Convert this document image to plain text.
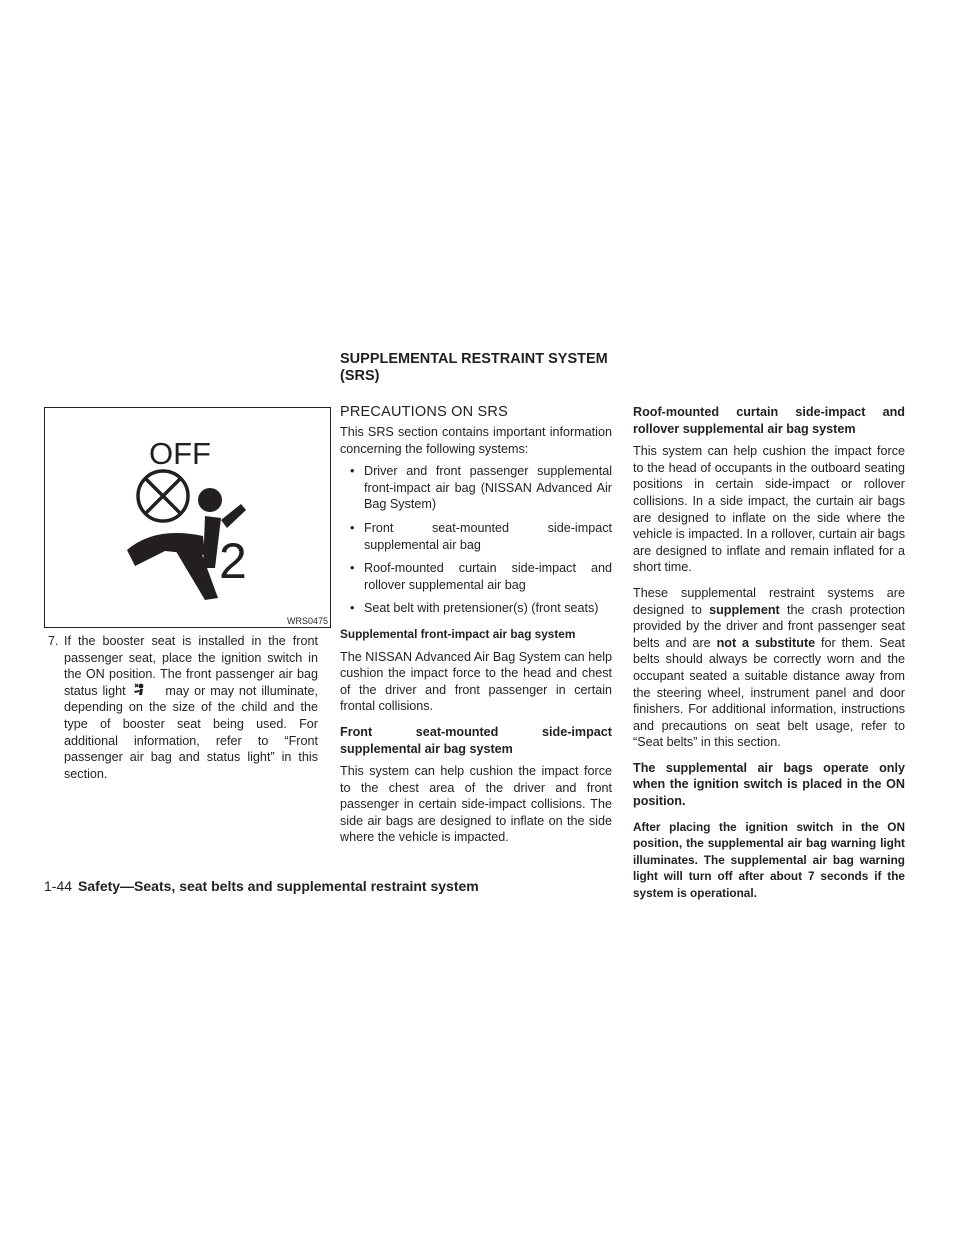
SUPPLEMENTAL RESTRAINT SYSTEM
(SRS)
OFF
2
WRS0475
7. If the booster seat is installed in the front passenger seat, place the ignition switch in the ON position. The front passenger air bag status light	may or may not illuminate, depending on the size of the child and the type of booster seat being used. For additional information, refer to “Front passenger air bag and status light” in this section.
PRECAUTIONS ON SRS

This SRS section contains important information concerning the following systems:

• Driver and front passenger supplemental front-impact air bag (NISSAN Advanced Air Bag System)
• Front seat-mounted side-impact supplemental air bag
• Roof-mounted curtain side-impact and rollover supplemental air bag
• Seat belt with pretensioner(s) (front seats)

Supplemental front-impact air bag system

The NISSAN Advanced Air Bag System can help cushion the impact force to the head and chest of the driver and front passenger in certain frontal collisions.

Front seat-mounted side-impact supplemental air bag system

This system can help cushion the impact force to the chest area of the driver and front passenger in certain side-impact collisions. The side air bags are designed to inflate on the side where the vehicle is impacted.

Roof-mounted curtain side-impact and rollover supplemental air bag system

This system can help cushion the impact force to the head of occupants in the outboard seating positions in certain side-impact or rollover collisions. In a side impact, the curtain air bags are designed to inflate on the side where the vehicle is impacted. In a rollover, curtain air bags are designed to inflate and remain inflated for a short time.

These supplemental restraint systems are designed to supplement the crash protection provided by the driver and front passenger seat belts and are not a substitute for them. Seat belts should always be correctly worn and the occupant seated a suitable distance away from the steering wheel, instrument panel and door finishers. For additional information, instructions and precautions on seat belt usage, refer to “Seat belts” in this section.

The supplemental air bags operate only when the ignition switch is placed in the ON position.

After placing the ignition switch in the ON position, the supplemental air bag warning light illuminates. The supplemental air bag warning light will turn off after about 7 seconds if the system is operational.

1-44 Safety—Seats, seat belts and supplemental restraint system
